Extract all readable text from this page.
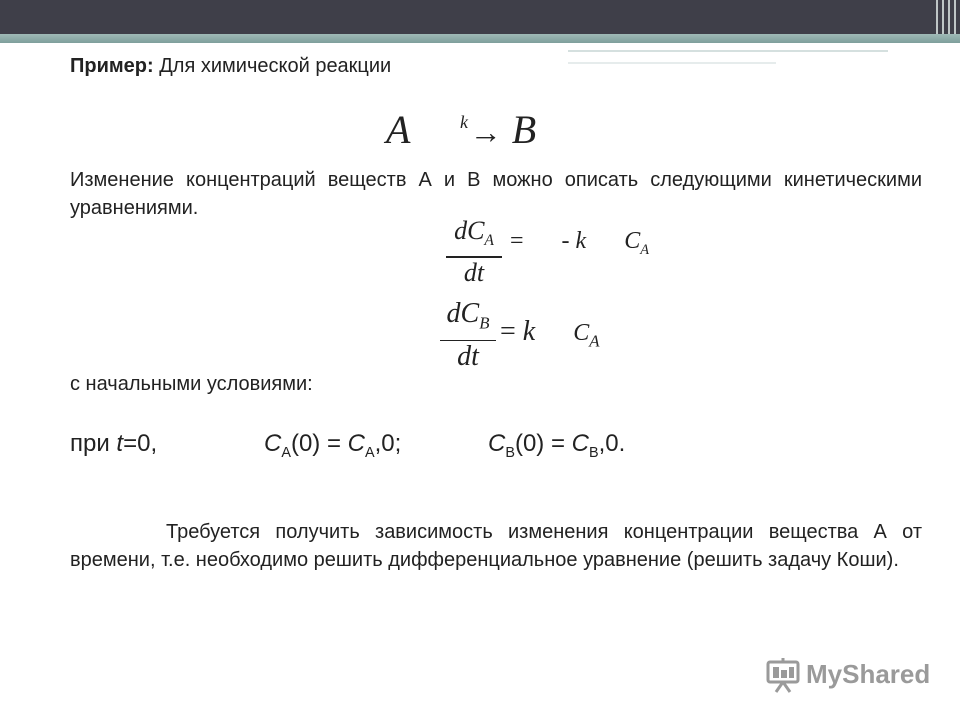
Пример: Для химической реакции
A	k → B
Изменение концентраций веществ А и В можно описать следующими кинетическими уравнениями.
$dC_A$
dt
= - k $C_A$
$dC_B$
dt
= k $C_A$
с начальными условиями:
при t=0,	$C_A(0) = C_A,0$;	$C_B(0) = C_B,0$.
Требуется получить зависимость изменения концентрации вещества А от времени, т.е. необходимо решить дифференциальное уравнение (решить задачу Коши).
MyShared
